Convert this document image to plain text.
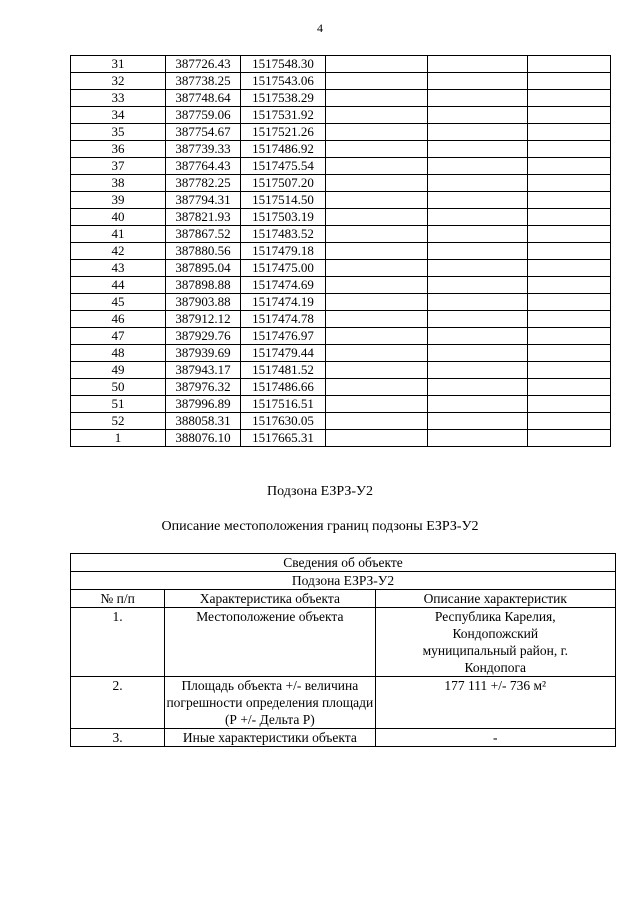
4
31	387726.43	1517548.30			
32	387738.25	1517543.06			
33	387748.64	1517538.29			
34	387759.06	1517531.92			
35	387754.67	1517521.26			
36	387739.33	1517486.92			
37	387764.43	1517475.54			
38	387782.25	1517507.20			
39	387794.31	1517514.50			
40	387821.93	1517503.19			
41	387867.52	1517483.52			
42	387880.56	1517479.18			
43	387895.04	1517475.00			
44	387898.88	1517474.69			
45	387903.88	1517474.19			
46	387912.12	1517474.78			
47	387929.76	1517476.97			
48	387939.69	1517479.44			
49	387943.17	1517481.52			
50	387976.32	1517486.66			
51	387996.89	1517516.51			
52	388058.31	1517630.05			
1	388076.10	1517665.31			
Подзона ЕЗРЗ-У2
Описание местоположения границ подзоны ЕЗРЗ-У2
Сведения об объекте		
Подзона ЕЗРЗ-У2		
№ п/п	Характеристика объекта	Описание характеристик
1.	Местоположение объекта	Республика Карелия, Кондопожский муниципальный район, г. Кондопога
2.	Площадь объекта +/- величина погрешности определения площади (Р +/- Дельта Р)	177 111 +/- 736 м²
3.	Иные характеристики объекта	-
